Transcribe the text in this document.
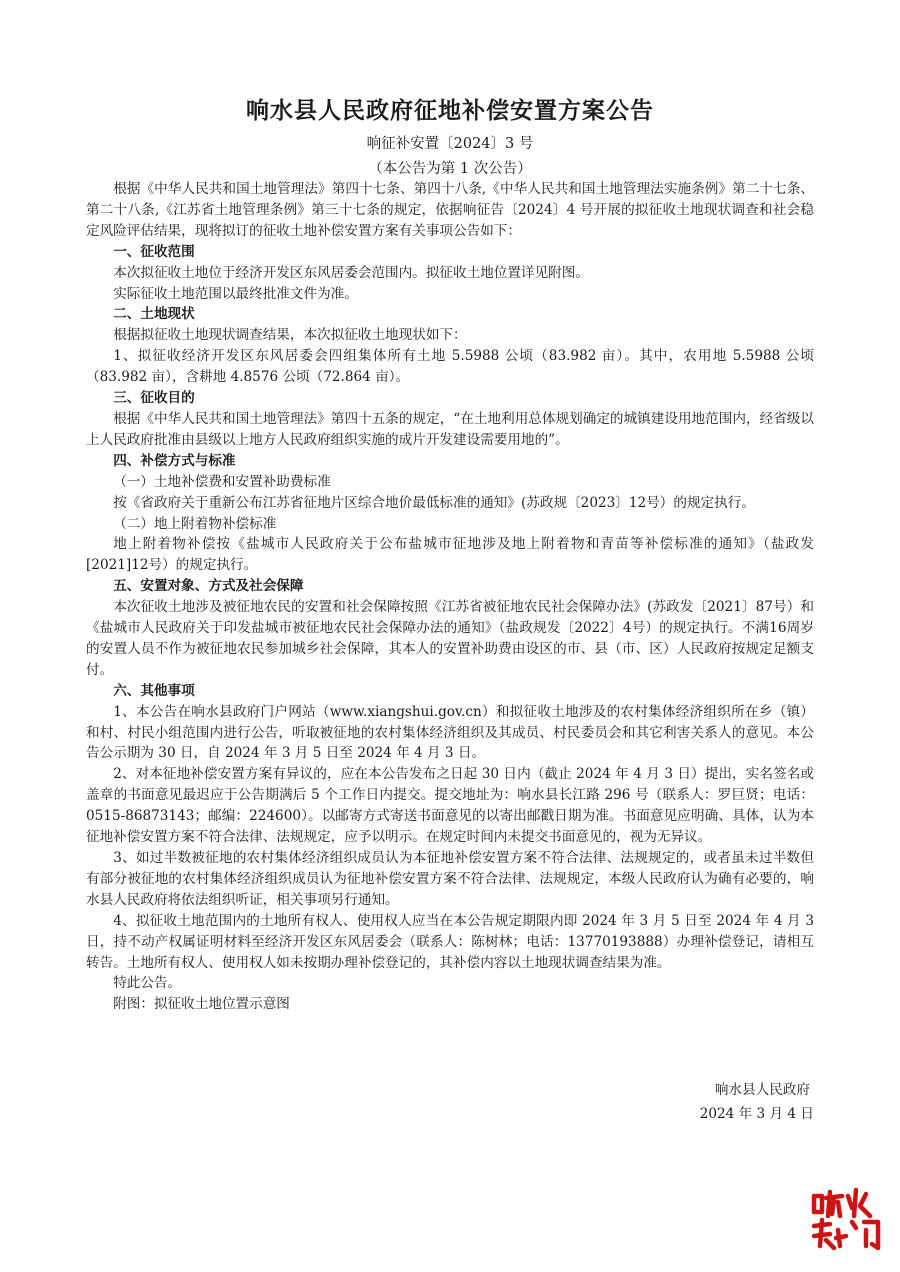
响水县人民政府征地补偿安置方案公告
响征补安置〔2024〕3 号
（本公告为第 1 次公告）

根据《中华人民共和国土地管理法》第四十七条、第四十八条,《中华人民共和国土地管理法实施条例》第二十七条、第二十八条,《江苏省土地管理条例》第三十七条的规定，依据响征告〔2024〕4 号开展的拟征收土地现状调查和社会稳定风险评估结果，现将拟订的征收土地补偿安置方案有关事项公告如下：

一、征收范围

本次拟征收土地位于经济开发区东风居委会范围内。拟征收土地位置详见附图。

实际征收土地范围以最终批准文件为准。

二、土地现状

根据拟征收土地现状调查结果，本次拟征收土地现状如下：

1、拟征收经济开发区东风居委会四组集体所有土地 5.5988 公顷（83.982 亩）。其中，农用地 5.5988 公顷（83.982 亩），含耕地 4.8576 公顷（72.864 亩）。

三、征收目的

根据《中华人民共和国土地管理法》第四十五条的规定，“在土地利用总体规划确定的城镇建设用地范围内，经省级以上人民政府批准由县级以上地方人民政府组织实施的成片开发建设需要用地的”。

四、补偿方式与标准

（一）土地补偿费和安置补助费标准

按《省政府关于重新公布江苏省征地片区综合地价最低标准的通知》(苏政规〔2023〕12号）的规定执行。

（二）地上附着物补偿标准

地上附着物补偿按《盐城市人民政府关于公布盐城市征地涉及地上附着物和青苗等补偿标准的通知》（盐政发[2021]12号）的规定执行。

五、安置对象、方式及社会保障

本次征收土地涉及被征地农民的安置和社会保障按照《江苏省被征地农民社会保障办法》(苏政发〔2021〕87号）和《盐城市人民政府关于印发盐城市被征地农民社会保障办法的通知》（盐政规发〔2022〕4号）的规定执行。不满16周岁的安置人员不作为被征地农民参加城乡社会保障，其本人的安置补助费由设区的市、县（市、区）人民政府按规定足额支付。

六、其他事项

1、本公告在响水县政府门户网站（www.xiangshui.gov.cn）和拟征收土地涉及的农村集体经济组织所在乡（镇）和村、村民小组范围内进行公告，听取被征地的农村集体经济组织及其成员、村民委员会和其它利害关系人的意见。本公告公示期为 30 日，自 2024 年 3 月 5 日至 2024 年 4 月 3 日。

2、对本征地补偿安置方案有异议的，应在本公告发布之日起 30 日内（截止 2024 年 4 月 3 日）提出，实名签名或盖章的书面意见最迟应于公告期满后 5 个工作日内提交。提交地址为：响水县长江路 296 号（联系人：罗巨贤；电话：0515-86873143；邮编：224600）。以邮寄方式寄送书面意见的以寄出邮戳日期为准。书面意见应明确、具体，认为本征地补偿安置方案不符合法律、法规规定，应予以明示。在规定时间内未提交书面意见的，视为无异议。

3、如过半数被征地的农村集体经济组织成员认为本征地补偿安置方案不符合法律、法规规定的，或者虽未过半数但有部分被征地的农村集体经济组织成员认为征地补偿安置方案不符合法律、法规规定，本级人民政府认为确有必要的，响水县人民政府将依法组织听证，相关事项另行通知。

4、拟征收土地范围内的土地所有权人、使用权人应当在本公告规定期限内即 2024 年 3 月 5 日至 2024 年 4 月 3 日，持不动产权属证明材料至经济开发区东风居委会（联系人：陈树林；电话：13770193888）办理补偿登记，请相互转告。土地所有权人、使用权人如未按期办理补偿登记的，其补偿内容以土地现状调查结果为准。

特此公告。

附图：拟征收土地位置示意图

响水县人民政府
2024 年 3 月 4 日
